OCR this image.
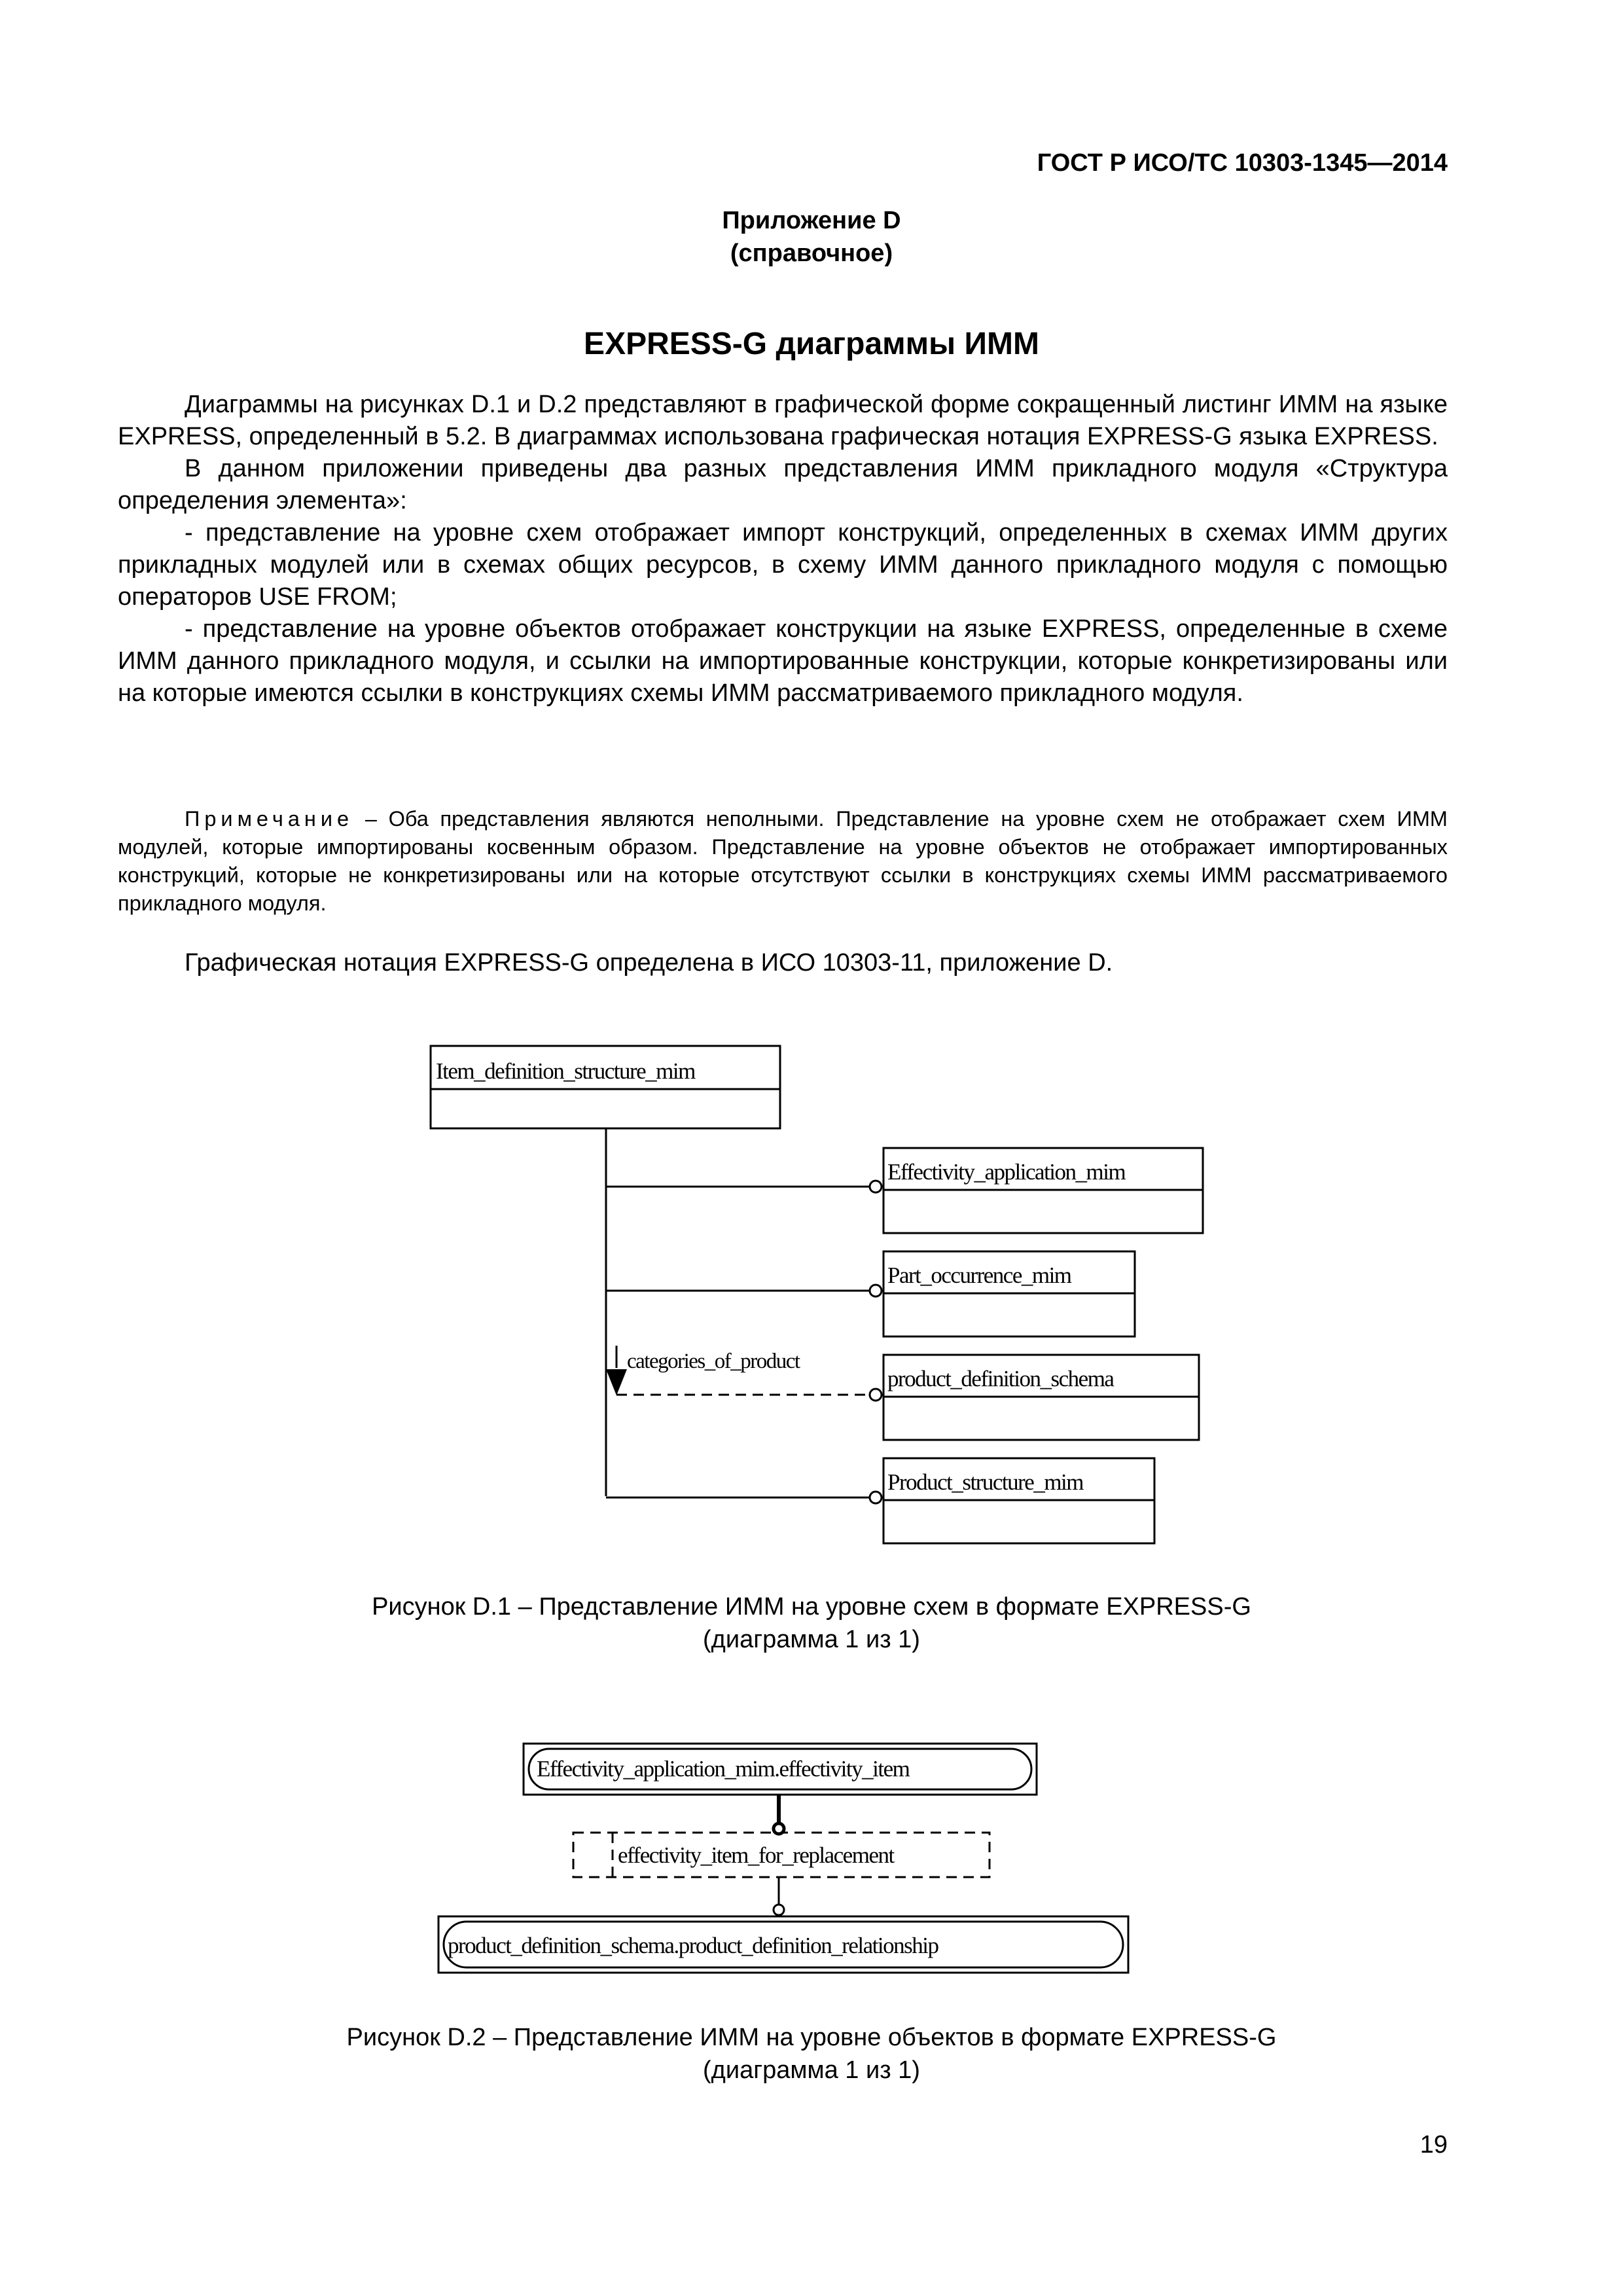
ГОСТ Р ИСО/ТС 10303-1345—2014
Приложение D
(справочное)
EXPRESS-G диаграммы ИММ

Диаграммы на рисунках D.1 и D.2 представляют в графической форме сокращенный листинг ИММ на языке EXPRESS, определенный в 5.2. В диаграммах использована графическая нотация EXPRESS-G языка EXPRESS.

В данном приложении приведены два разных представления ИММ прикладного модуля «Структура определения элемента»:

- представление на уровне схем отображает импорт конструкций, определенных в схемах ИММ других прикладных модулей или в схемах общих ресурсов, в схему ИММ данного прикладного модуля с помощью операторов USE FROM;

- представление на уровне объектов отображает конструкции на языке EXPRESS, определенные в схеме ИММ данного прикладного модуля, и ссылки на импортированные конструкции, которые конкретизированы или на которые имеются ссылки в конструкциях схемы ИММ рассматриваемого прикладного модуля.

Примечание – Оба представления являются неполными. Представление на уровне схем не отображает схем ИММ модулей, которые импортированы косвенным образом. Представление на уровне объектов не отображает импортированных конструкций, которые не конкретизированы или на которые отсутствуют ссылки в конструкциях схемы ИММ рассматриваемого прикладного модуля.

Графическая нотация EXPRESS-G определена в ИСО 10303-11, приложение D.
Item_definition_structure_mim
Effectivity_application_mim
Part_occurrence_mim
product_definition_schema
Product_structure_mim
categories_of_product
Effectivity_application_mim.effectivity_item
effectivity_item_for_replacement
product_definition_schema.product_definition_relationship
Рисунок D.1 – Представление ИММ на уровне схем в формате EXPRESS-G
(диаграмма 1 из 1)
Рисунок D.2 – Представление ИММ на уровне объектов в формате EXPRESS-G
(диаграмма 1 из 1)
19
